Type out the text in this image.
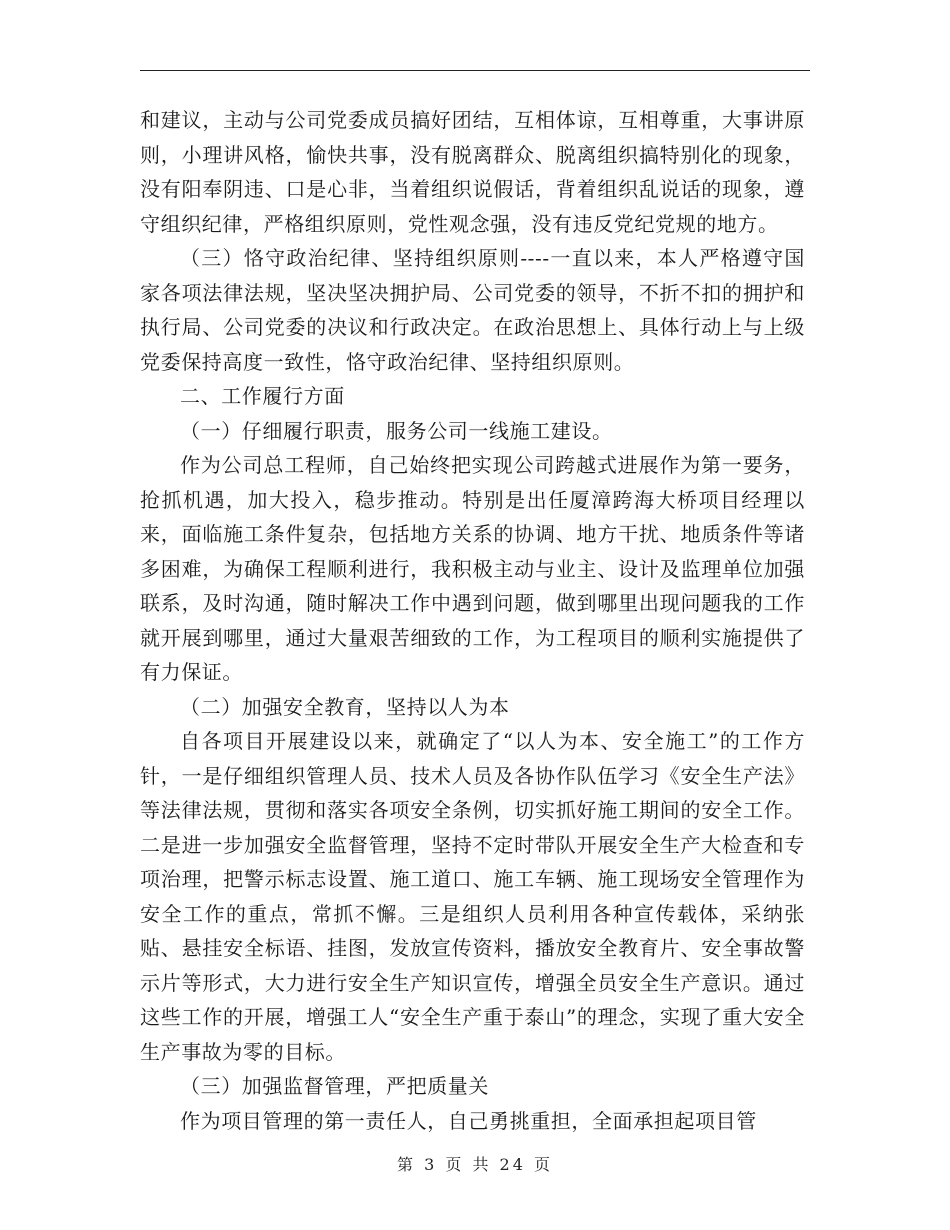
和建议，主动与公司党委成员搞好团结，互相体谅，互相尊重，大事讲原则，小理讲风格，愉快共事，没有脱离群众、脱离组织搞特别化的现象，没有阳奉阴违、口是心非，当着组织说假话，背着组织乱说话的现象，遵守组织纪律，严格组织原则，党性观念强，没有违反党纪党规的地方。

（三）恪守政治纪律、坚持组织原则----一直以来，本人严格遵守国家各项法律法规，坚决坚决拥护局、公司党委的领导，不折不扣的拥护和执行局、公司党委的决议和行政决定。在政治思想上、具体行动上与上级党委保持高度一致性，恪守政治纪律、坚持组织原则。

二、工作履行方面

（一）仔细履行职责，服务公司一线施工建设。

作为公司总工程师，自己始终把实现公司跨越式进展作为第一要务，抢抓机遇，加大投入，稳步推动。特别是出任厦漳跨海大桥项目经理以来，面临施工条件复杂，包括地方关系的协调、地方干扰、地质条件等诸多困难，为确保工程顺利进行，我积极主动与业主、设计及监理单位加强联系，及时沟通，随时解决工作中遇到问题，做到哪里出现问题我的工作就开展到哪里，通过大量艰苦细致的工作，为工程项目的顺利实施提供了有力保证。

（二）加强安全教育，坚持以人为本

自各项目开展建设以来，就确定了“以人为本、安全施工”的工作方针，一是仔细组织管理人员、技术人员及各协作队伍学习《安全生产法》等法律法规，贯彻和落实各项安全条例，切实抓好施工期间的安全工作。二是进一步加强安全监督管理，坚持不定时带队开展安全生产大检查和专项治理，把警示标志设置、施工道口、施工车辆、施工现场安全管理作为安全工作的重点，常抓不懈。三是组织人员利用各种宣传载体，采纳张贴、悬挂安全标语、挂图，发放宣传资料，播放安全教育片、安全事故警示片等形式，大力进行安全生产知识宣传，增强全员安全生产意识。通过这些工作的开展，增强工人“安全生产重于泰山”的理念，实现了重大安全生产事故为零的目标。

（三）加强监督管理，严把质量关

作为项目管理的第一责任人，自己勇挑重担，全面承担起项目管

第 3 页 共 24 页
